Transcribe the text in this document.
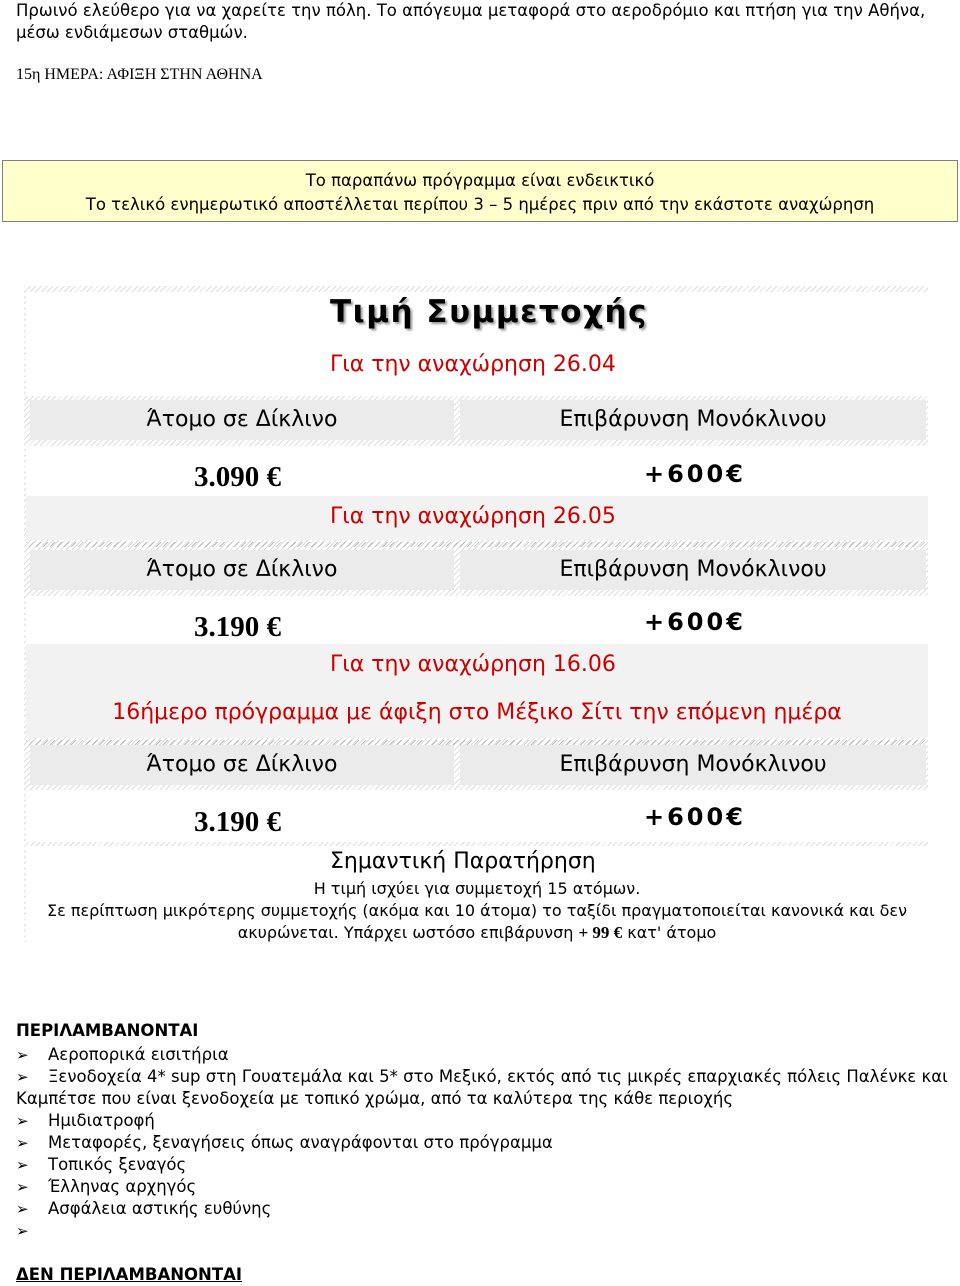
Πρωινό ελεύθερο για να χαρείτε την πόλη. Το απόγευμα μεταφορά στο αεροδρόμιο και πτήση για την Αθήνα,
μέσω ενδιάμεσων σταθμών.
15η ΗΜΕΡΑ: ΑΦΙΞΗ ΣΤΗΝ ΑΘΗΝΑ
Το παραπάνω πρόγραμμα είναι ενδεικτικό
Το τελικό ενημερωτικό αποστέλλεται περίπου 3 – 5 ημέρες πριν από την εκάστοτε αναχώρηση
Τιμή Συμμετοχής
Για την αναχώρηση 26.04
Άτομο σε Δίκλινο	Επιβάρυνση Μονόκλινου
3.090 €	+600€
Για την αναχώρηση 26.05
Άτομο σε Δίκλινο	Επιβάρυνση Μονόκλινου
3.190 €	+600€
Για την αναχώρηση 16.06
16ήμερο πρόγραμμα με άφιξη στο Μέξικο Σίτι την επόμενη ημέρα
Άτομο σε Δίκλινο	Επιβάρυνση Μονόκλινου
3.190 €	+600€
Σημαντική Παρατήρηση
Η τιμή ισχύει για συμμετοχή 15 ατόμων.
Σε περίπτωση μικρότερης συμμετοχής (ακόμα και 10 άτομα) το ταξίδι πραγματοποιείται κανονικά και δεν
ακυρώνεται. Υπάρχει ωστόσο επιβάρυνση + 99 € κατ' άτομο
ΠΕΡΙΛΑΜΒΑΝΟΝΤΑΙ
➢ Αεροπορικά εισιτήρια
➢ Ξενοδοχεία 4* sup στη Γουατεμάλα και 5* στο Μεξικό, εκτός από τις μικρές επαρχιακές πόλεις Παλένκε και Καμπέτσε που είναι ξενοδοχεία με τοπικό χρώμα, από τα καλύτερα της κάθε περιοχής
➢ Ημιδιατροφή
➢ Μεταφορές, ξεναγήσεις όπως αναγράφονται στο πρόγραμμα
➢ Τοπικός ξεναγός
➢ Έλληνας αρχηγός
➢ Ασφάλεια αστικής ευθύνης
➢
ΔΕΝ ΠΕΡΙΛΑΜΒΑΝΟΝΤΑΙ
